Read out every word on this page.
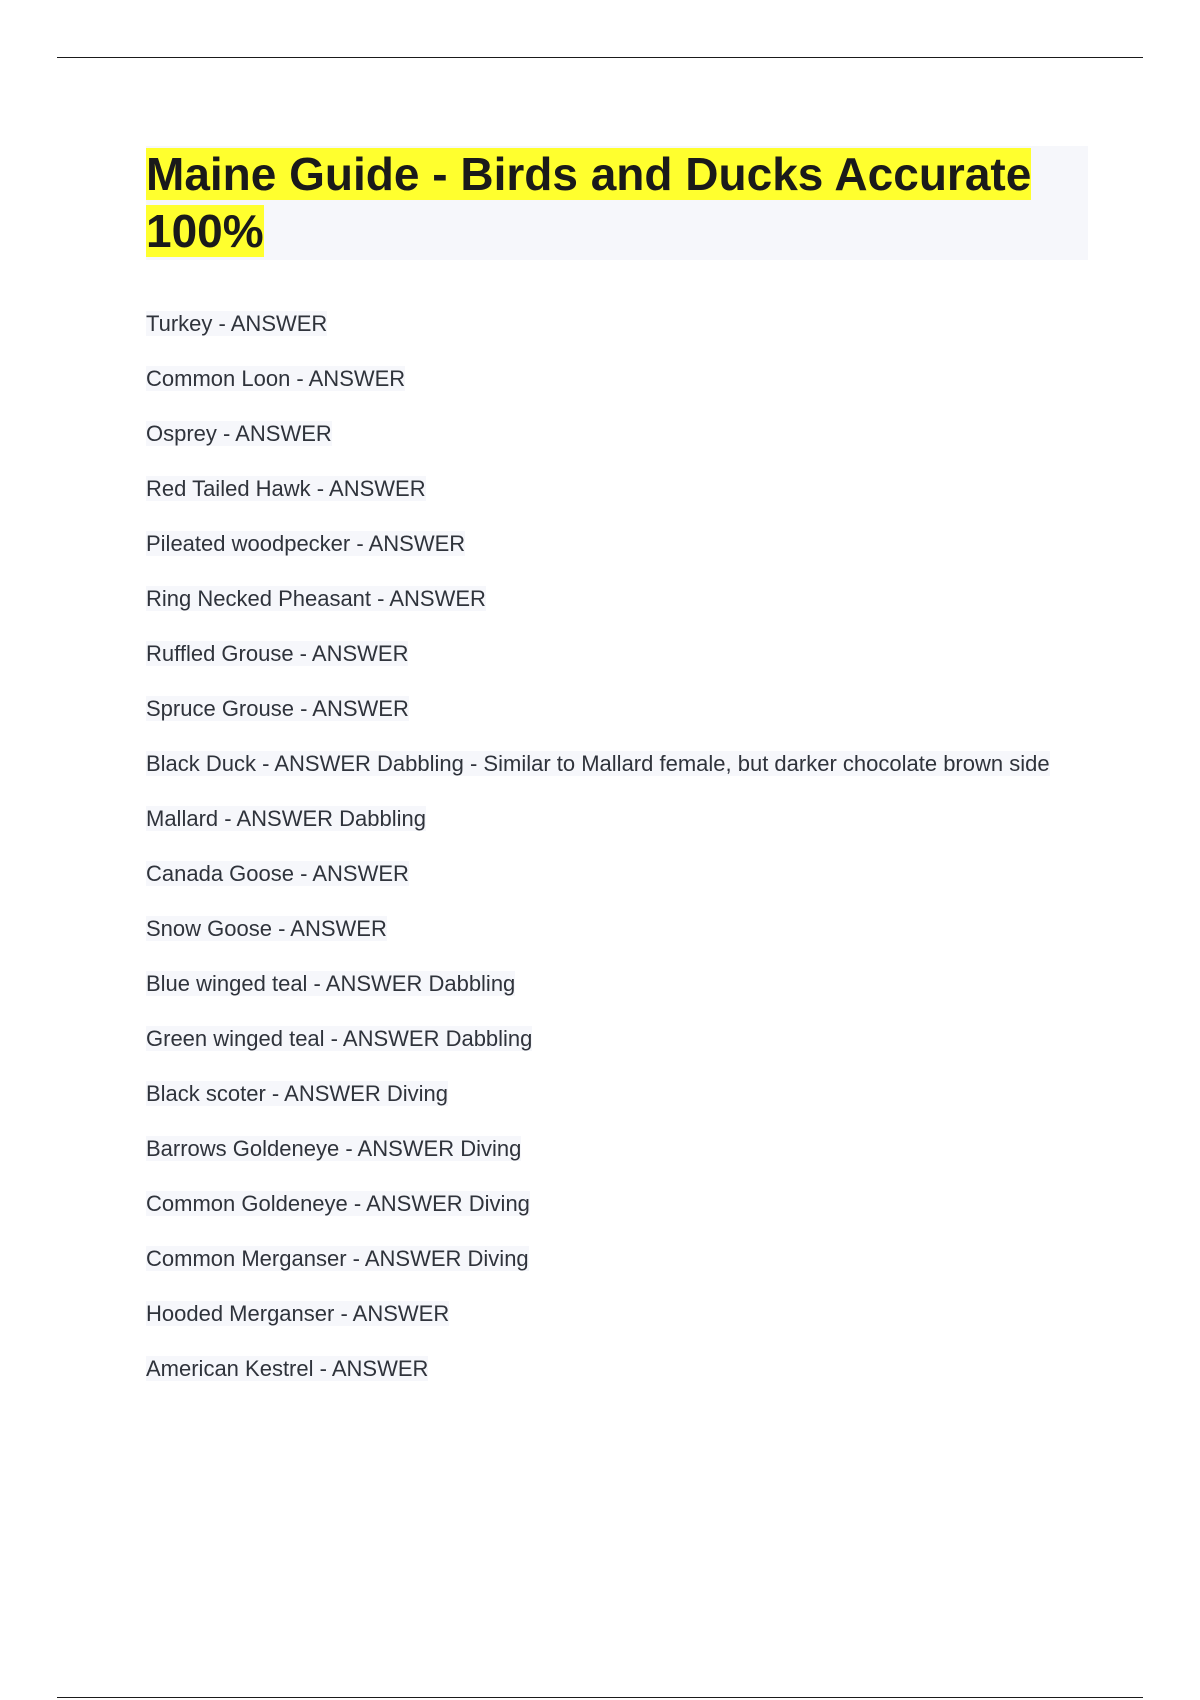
Maine Guide - Birds and Ducks Accurate 100%
Turkey - ANSWER
Common Loon - ANSWER
Osprey - ANSWER
Red Tailed Hawk - ANSWER
Pileated woodpecker - ANSWER
Ring Necked Pheasant - ANSWER
Ruffled Grouse - ANSWER
Spruce Grouse - ANSWER
Black Duck - ANSWER Dabbling - Similar to Mallard female, but darker chocolate brown side
Mallard - ANSWER Dabbling
Canada Goose - ANSWER
Snow Goose - ANSWER
Blue winged teal - ANSWER Dabbling
Green winged teal - ANSWER Dabbling
Black scoter - ANSWER Diving
Barrows Goldeneye - ANSWER Diving
Common Goldeneye - ANSWER Diving
Common Merganser - ANSWER Diving
Hooded Merganser - ANSWER
American Kestrel - ANSWER
